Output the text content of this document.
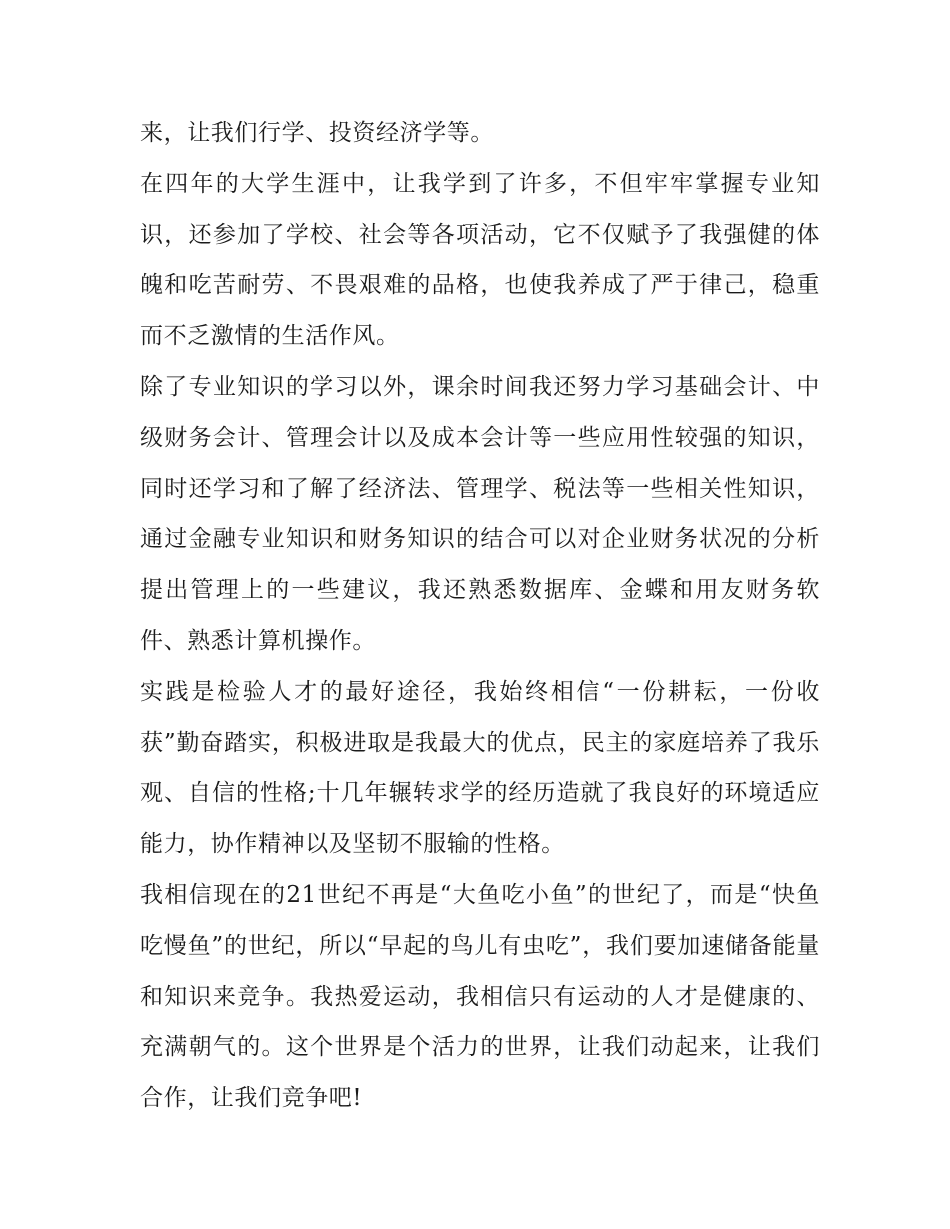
来，让我们行学、投资经济学等。

在四年的大学生涯中，让我学到了许多，不但牢牢掌握专业知识，还参加了学校、社会等各项活动，它不仅赋予了我强健的体魄和吃苦耐劳、不畏艰难的品格，也使我养成了严于律己，稳重而不乏激情的生活作风。

除了专业知识的学习以外，课余时间我还努力学习基础会计、中级财务会计、管理会计以及成本会计等一些应用性较强的知识，同时还学习和了解了经济法、管理学、税法等一些相关性知识，通过金融专业知识和财务知识的结合可以对企业财务状况的分析提出管理上的一些建议，我还熟悉数据库、金蝶和用友财务软件、熟悉计算机操作。

实践是检验人才的最好途径，我始终相信“一份耕耘，一份收获”勤奋踏实，积极进取是我最大的优点，民主的家庭培养了我乐观、自信的性格;十几年辗转求学的经历造就了我良好的环境适应能力，协作精神以及坚韧不服输的性格。

我相信现在的21世纪不再是“大鱼吃小鱼”的世纪了，而是“快鱼吃慢鱼”的世纪，所以“早起的鸟儿有虫吃”，我们要加速储备能量和知识来竞争。我热爱运动，我相信只有运动的人才是健康的、充满朝气的。这个世界是个活力的世界，让我们动起来，让我们合作，让我们竞争吧!
